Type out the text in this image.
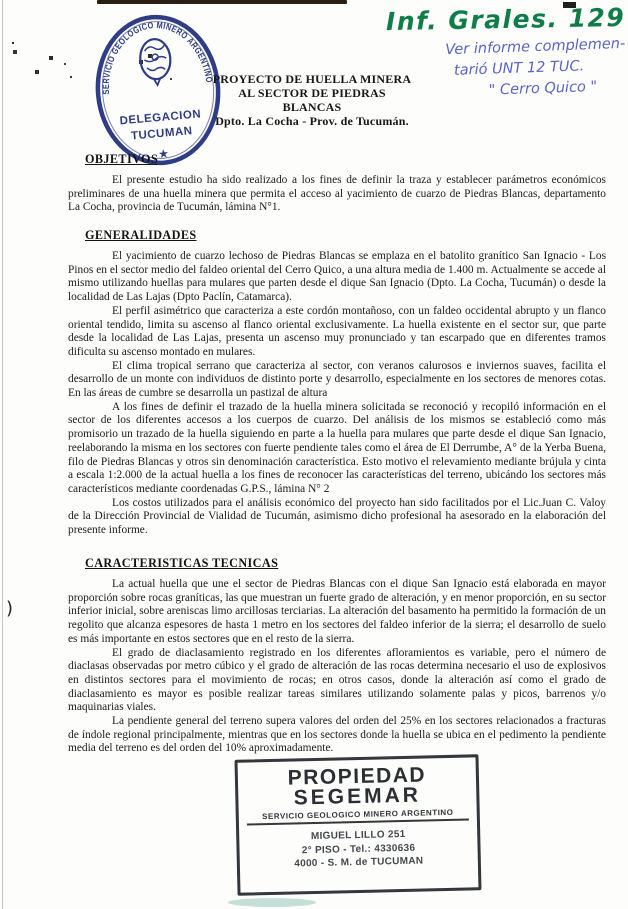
)
SERVICIO GEOLOGICO MINERO ARGENTINO
DELEGACION
TUCUMAN
★
PROYECTO DE HUELLA MINERA
AL SECTOR DE PIEDRAS BLANCAS
Dpto. La Cocha - Prov. de Tucumán.
Inf. Grales. 129
Ver informe complemen-
tarió UNT 12 TUC.
" Cerro Quico "
OBJETIVOS

El presente estudio ha sido realizado a los fines de definir la traza y establecer parámetros económicos preliminares de una huella minera que permita el acceso al yacimiento de cuarzo de Piedras Blancas, departamento La Cocha, provincia de Tucumán, lámina N°1.

GENERALIDADES

El yacimiento de cuarzo lechoso de Piedras Blancas se emplaza en el batolito granítico San Ignacio - Los Pinos en el sector medio del faldeo oriental del Cerro Quico, a una altura media de 1.400 m. Actualmente se accede al mismo utilizando huellas para mulares que parten desde el dique San Ignacio (Dpto. La Cocha, Tucumán) o desde la localidad de Las Lajas (Dpto Paclín, Catamarca).

El perfil asimétrico que caracteriza a este cordón montañoso, con un faldeo occidental abrupto y un flanco oriental tendido, limita su ascenso al flanco oriental exclusivamente. La huella existente en el sector sur, que parte desde la localidad de Las Lajas, presenta un ascenso muy pronunciado y tan escarpado que en diferentes tramos dificulta su ascenso montado en mulares.

El clima tropical serrano que caracteriza al sector, con veranos calurosos e inviernos suaves, facilita el desarrollo de un monte con individuos de distinto porte y desarrollo, especialmente en los sectores de menores cotas. En las áreas de cumbre se desarrolla un pastizal de altura

A los fines de definir el trazado de la huella minera solicitada se reconoció y recopiló información en el sector de los diferentes accesos a los cuerpos de cuarzo. Del análisis de los mismos se estableció como más promisorio un trazado de la huella siguiendo en parte a la huella para mulares que parte desde el dique San Ignacio, reelaborando la misma en los sectores con fuerte pendiente tales como el área de El Derrumbe, A° de la Yerba Buena, filo de Piedras Blancas y otros sin denominación característica. Esto motivo el relevamiento mediante brújula y cinta a escala 1:2.000 de la actual huella a los fines de reconocer las características del terreno, ubicándo los sectores más característicos mediante coordenadas G.P.S., lámina N° 2

Los costos utilizados para el análisis económico del proyecto han sido facilitados por el Lic.Juan C. Valoy de la Dirección Provincial de Vialidad de Tucumán, asimismo dicho profesional ha asesorado en la elaboración del presente informe.

CARACTERISTICAS TECNICAS

La actual huella que une el sector de Piedras Blancas con el dique San Ignacio está elaborada en mayor proporción sobre rocas graníticas, las que muestran un fuerte grado de alteración, y en menor proporción, en su sector inferior inicial, sobre areniscas limo arcillosas terciarias. La alteración del basamento ha permitido la formación de un regolito que alcanza espesores de hasta 1 metro en los sectores del faldeo inferior de la sierra; el desarrollo de suelo es más importante en estos sectores que en el resto de la sierra.

El grado de diaclasamiento registrado en los diferentes afloramientos es variable, pero el número de diaclasas observadas por metro cúbico y el grado de alteración de las rocas determina necesario el uso de explosivos en distintos sectores para el movimiento de rocas; en otros casos, donde la alteración así como el grado de diaclasamiento es mayor es posible realizar tareas similares utilizando solamente palas y picos, barrenos y/o maquinarias viales.

La pendiente general del terreno supera valores del orden del 25% en los sectores relacionados a fracturas de índole regional principalmente, mientras que en los sectores donde la huella se ubica en el pedimento la pendiente media del terreno es del orden del 10% aproximadamente.

PROPIEDAD
SEGEMAR
SERVICIO GEOLOGICO MINERO ARGENTINO
MIGUEL LILLO 251
2° PISO - Tel.: 4330636
4000 - S. M. de TUCUMAN
